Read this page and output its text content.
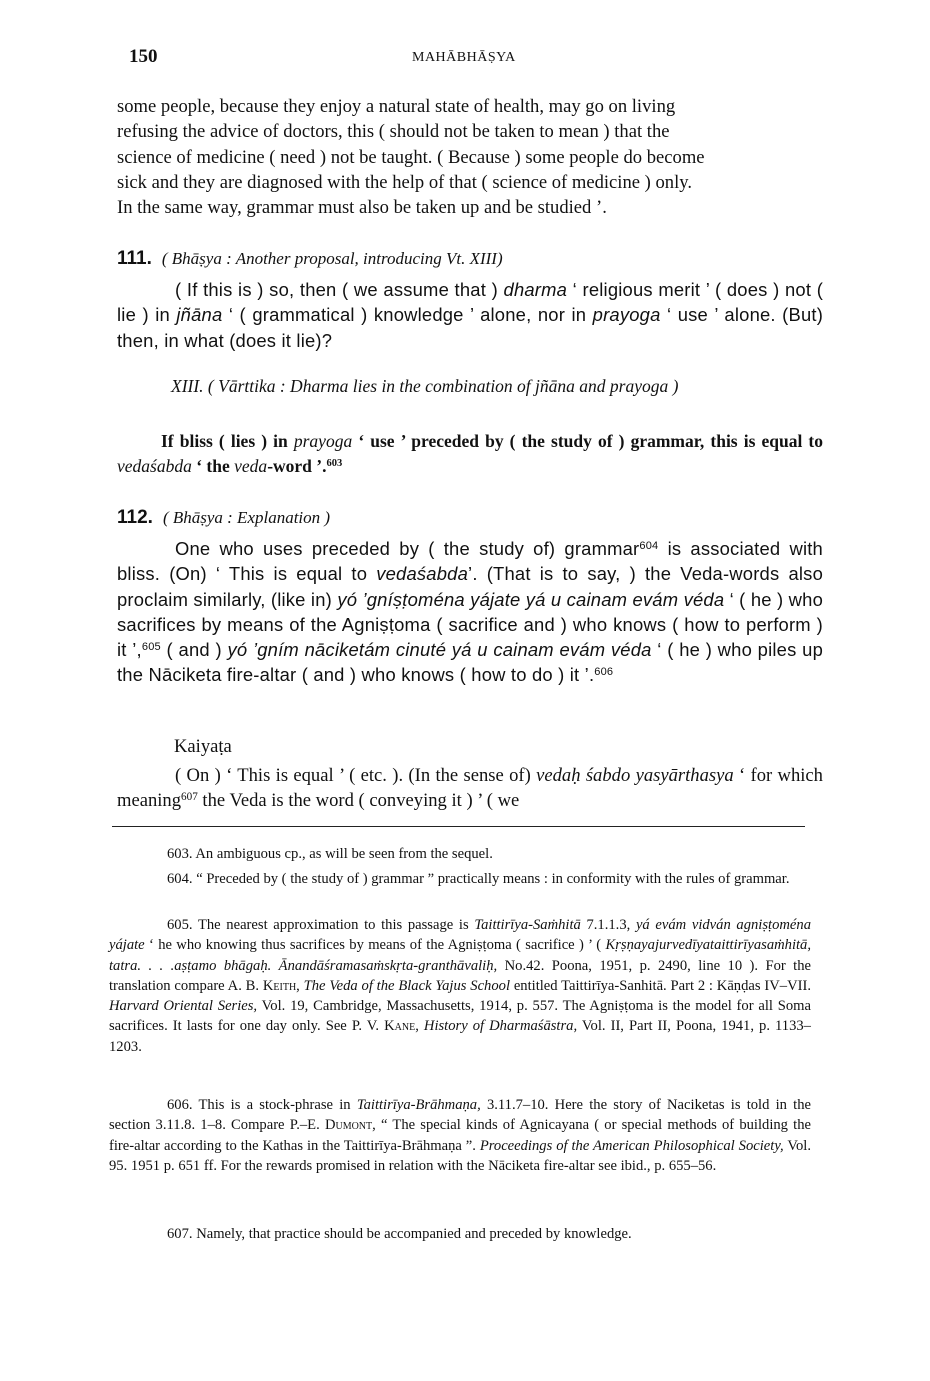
150	MAHĀBHĀṢYA
some people, because they enjoy a natural state of health, may go on living
refusing the advice of doctors, this ( should not be taken to mean ) that the
science of medicine ( need ) not be taught. ( Because ) some people do become
sick and they are diagnosed with the help of that ( science of medicine ) only.
In the same way, grammar must also be taken up and be studied ’.
111. ( Bhāṣya : Another proposal, introducing Vt. XIII)
( If this is ) so, then ( we assume that ) dharma ‘ religious merit ’ ( does ) not ( lie ) in jñāna ‘ ( grammatical ) knowledge ’ alone, nor in prayoga ‘ use ’ alone. (But) then, in what (does it lie)?
XIII. ( Vārttika : Dharma lies in the combination of jñāna and prayoga )
If bliss ( lies ) in prayoga ‘ use ’ preceded by ( the study of ) grammar, this is equal to vedaśabda ‘ the veda-word ’.$^{603}$
112. ( Bhāṣya : Explanation )
One who uses preceded by ( the study of) grammar$^{604}$ is associated with bliss. (On) ‘ This is equal to vedaśabda’. (That is to say, ) the Veda-words also proclaim similarly, (like in) yó ’gníṣṭoména yájate yá u cainam evám véda ‘ ( he ) who sacrifices by means of the Agniṣṭoma ( sacrifice and ) who knows ( how to perform ) it ’,$^{605}$ ( and ) yó ’gním nāciketám cinuté yá u cainam evám véda ‘ ( he ) who piles up the Nāciketa fire-altar ( and ) who knows ( how to do ) it ’.$^{606}$
Kaiyaṭa
( On ) ‘ This is equal ’ ( etc. ). (In the sense of) vedaḥ śabdo yasyārthasya ‘ for which meaning$^{607}$ the Veda is the word ( conveying it ) ’ ( we
603. An ambiguous cp., as will be seen from the sequel.
604. “ Preceded by ( the study of ) grammar ” practically means : in conformity with the rules of grammar.
605. The nearest approximation to this passage is Taittirīya-Saṁhitā 7.1.1.3, yá evám vidván agniṣṭoména yájate ‘ he who knowing thus sacrifices by means of the Agniṣṭoma ( sacrifice ) ’ ( Kṛṣṇayajurvedīyataittirīyasaṁhitā, tatra. . . .aṣṭamo bhāgaḥ. Ānandāśramasaṁskṛta-granthāvaliḥ, No.42. Poona, 1951, p. 2490, line 10 ). For the translation compare A. B. Keith, The Veda of the Black Yajus School entitled Taittirīya-Sanhitā. Part 2 : Kāṇḍas IV–VII. Harvard Oriental Series, Vol. 19, Cambridge, Massachusetts, 1914, p. 557. The Agniṣṭoma is the model for all Soma sacrifices. It lasts for one day only. See P. V. Kane, History of Dharmaśāstra, Vol. II, Part II, Poona, 1941, p. 1133–1203.
606. This is a stock-phrase in Taittirīya-Brāhmaṇa, 3.11.7–10. Here the story of Naciketas is told in the section 3.11.8. 1–8. Compare P.–E. Dumont, “ The special kinds of Agnicayana ( or special methods of building the fire-altar according to the Kathas in the Taittirīya-Brāhmaṇa ”. Proceedings of the American Philosophical Society, Vol. 95. 1951 p. 651 ff. For the rewards promised in relation with the Nāciketa fire-altar see ibid., p. 655–56.
607. Namely, that practice should be accompanied and preceded by knowledge.
